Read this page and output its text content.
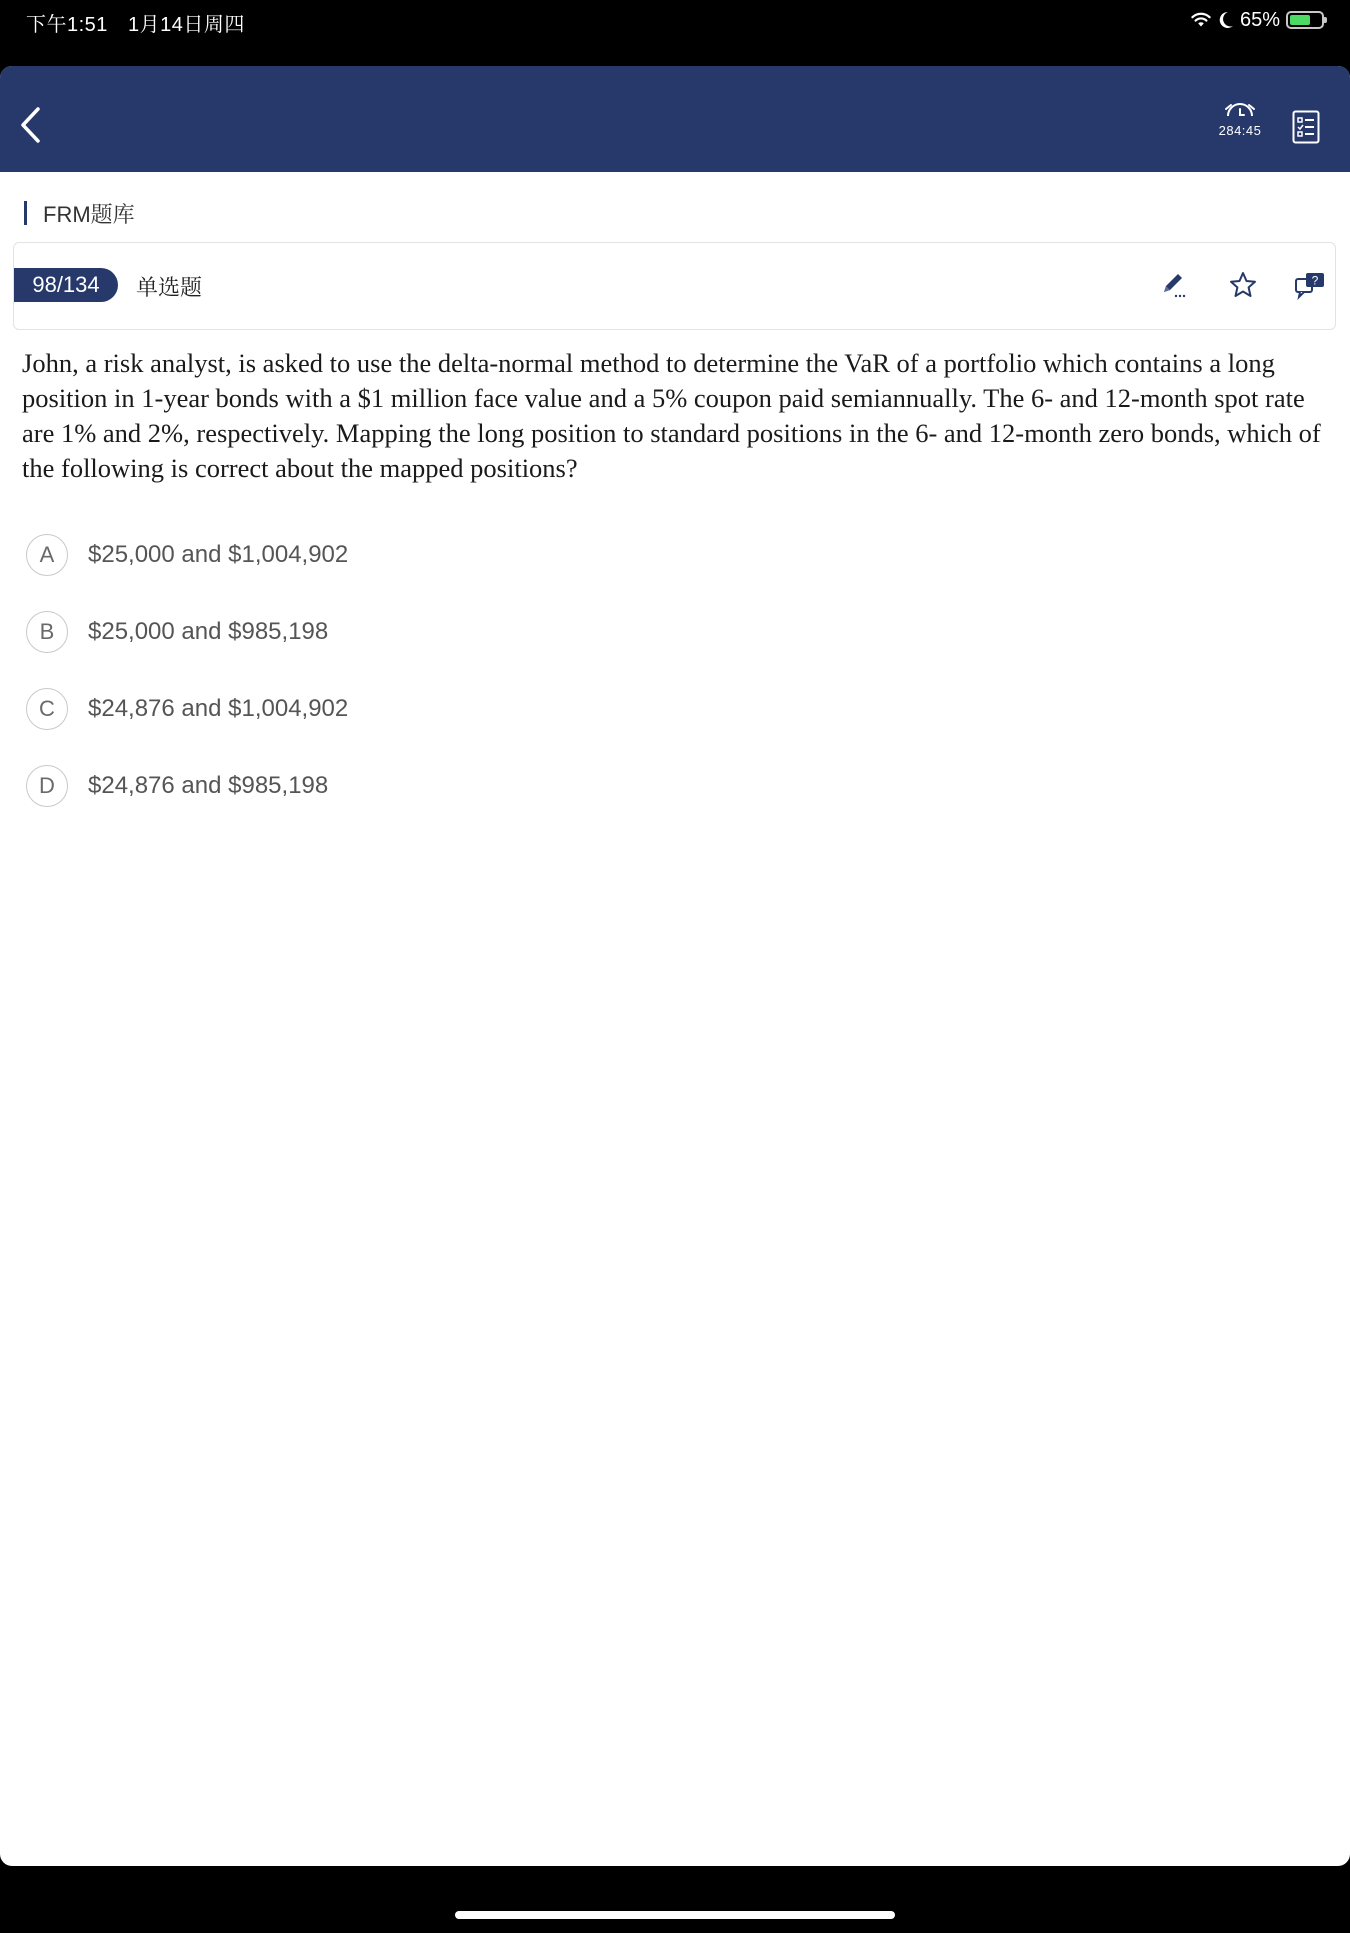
下午1:51 1月14日周四	65%
284:45
FRM题库
98/134	单选题	?
John, a risk analyst, is asked to use the delta-normal method to determine the VaR of a portfolio which contains a long position in 1-year bonds with a $1 million face value and a 5% coupon paid semiannually. The 6- and 12-month spot rate are 1% and 2%, respectively. Mapping the long position to standard positions in the 6- and 12-month zero bonds, which of the following is correct about the mapped positions?
A	$25,000 and $1,004,902
B	$25,000 and $985,198
C	$24,876 and $1,004,902
D	$24,876 and $985,198
